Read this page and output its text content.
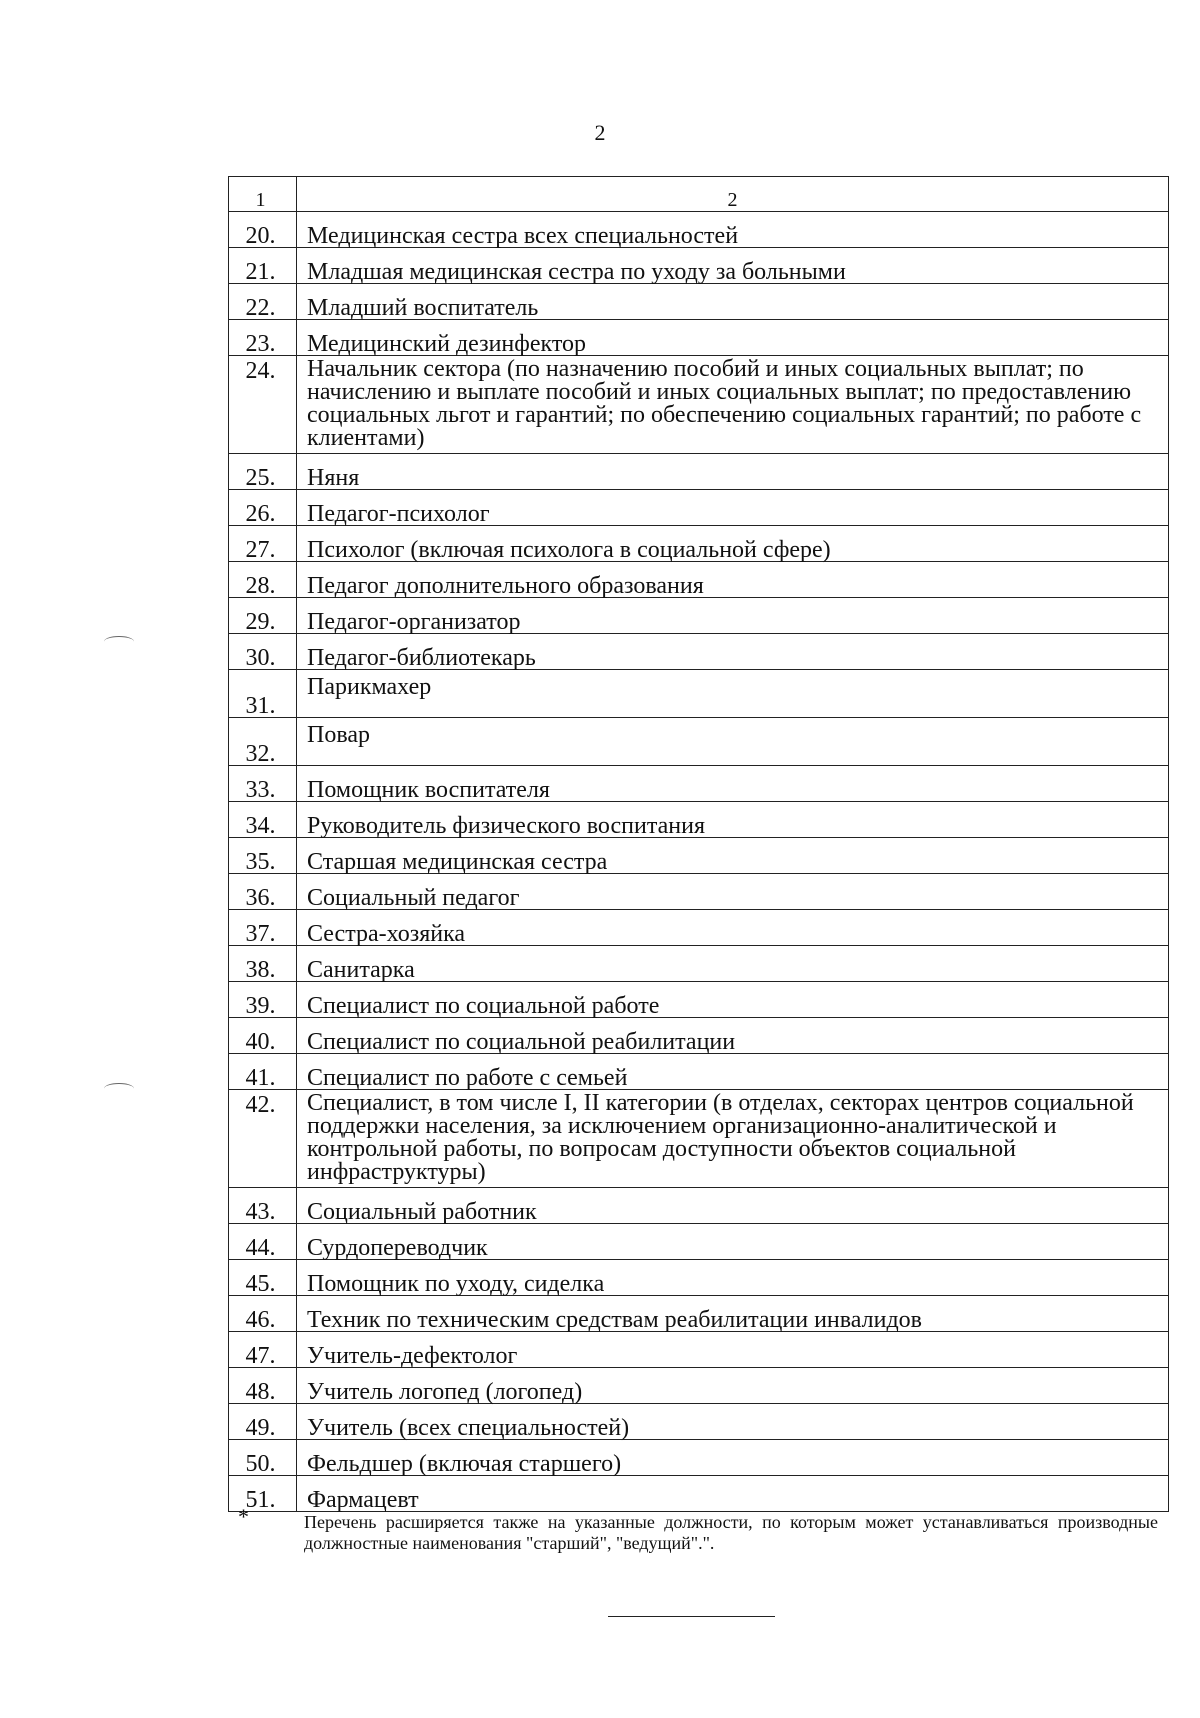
2
1	2
20.	Медицинская сестра всех специальностей
21.	Младшая медицинская сестра по уходу за больными
22.	Младший воспитатель
23.	Медицинский дезинфектор
24.	Начальник сектора (по назначению пособий и иных социальных выплат; по начислению и выплате пособий и иных социальных выплат; по предоставлению социальных льгот и гарантий; по обеспечению социальных гарантий; по работе с клиентами)
25.	Няня
26.	Педагог-психолог
27.	Психолог (включая психолога в социальной сфере)
28.	Педагог дополнительного образования
29.	Педагог-организатор
30.	Педагог-библиотекарь
31.	Парикмахер
32.	Повар
33.	Помощник воспитателя
34.	Руководитель физического воспитания
35.	Старшая медицинская сестра
36.	Социальный педагог
37.	Сестра-хозяйка
38.	Санитарка
39.	Специалист по социальной работе
40.	Специалист по социальной реабилитации
41.	Специалист по работе с семьей
42.	Специалист, в том числе I, II категории (в отделах, секторах центров социальной поддержки населения, за исключением организационно-аналитической и контрольной работы, по вопросам доступности объектов социальной инфраструктуры)
43.	Социальный работник
44.	Сурдопереводчик
45.	Помощник по уходу, сиделка
46.	Техник по техническим средствам реабилитации инвалидов
47.	Учитель-дефектолог
48.	Учитель логопед (логопед)
49.	Учитель (всех специальностей)
50.	Фельдшер (включая старшего)
51.	Фармацевт
*	Перечень расширяется также на указанные должности, по которым может устанавливаться производные должностные наименования "старший", "ведущий".".
